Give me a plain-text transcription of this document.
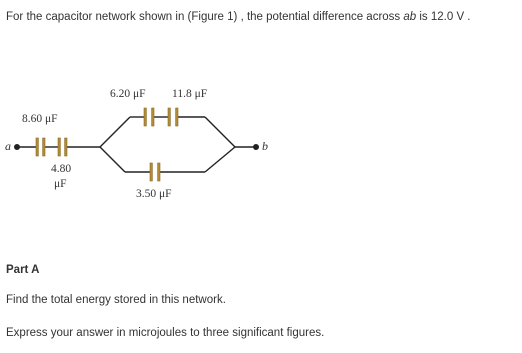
For the capacitor network shown in (Figure 1) , the potential difference across ab is 12.0 V .
a	b
8.60 μF
4.80
μF
6.20 μF 11.8 μF
3.50 μF
Part A
Find the total energy stored in this network.
Express your answer in microjoules to three significant figures.
